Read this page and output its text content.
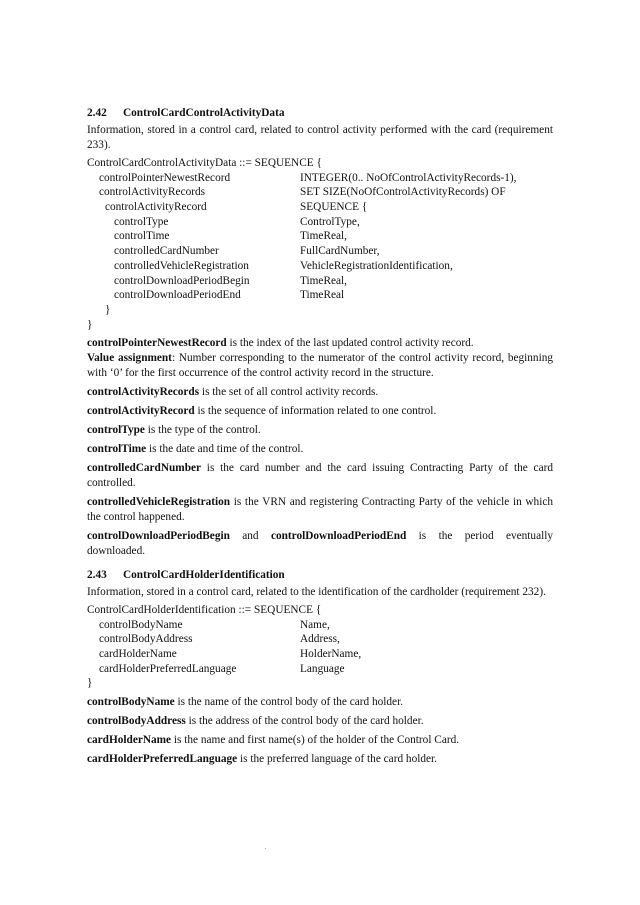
2.42 ControlCardControlActivityData

Information, stored in a control card, related to control activity performed with the card (requirement 233).

ControlCardControlActivityData ::= SEQUENCE {
controlPointerNewestRecord	INTEGER(0.. NoOfControlActivityRecords-1),
controlActivityRecords	SET SIZE(NoOfControlActivityRecords) OF
controlActivityRecord	SEQUENCE {
controlType	ControlType,
controlTime	TimeReal,
controlledCardNumber	FullCardNumber,
controlledVehicleRegistration	VehicleRegistrationIdentification,
controlDownloadPeriodBegin	TimeReal,
controlDownloadPeriodEnd	TimeReal
}
}

controlPointerNewestRecord is the index of the last updated control activity record.

Value assignment: Number corresponding to the numerator of the control activity record, beginning with ‘0’ for the first occurrence of the control activity record in the structure.

controlActivityRecords is the set of all control activity records.

controlActivityRecord is the sequence of information related to one control.

controlType is the type of the control.

controlTime is the date and time of the control.

controlledCardNumber is the card number and the card issuing Contracting Party of the card controlled.

controlledVehicleRegistration is the VRN and registering Contracting Party of the vehicle in which the control happened.

controlDownloadPeriodBegin and controlDownloadPeriodEnd is the period eventually downloaded.

2.43 ControlCardHolderIdentification

Information, stored in a control card, related to the identification of the cardholder (requirement 232).

ControlCardHolderIdentification ::= SEQUENCE {
controlBodyName	Name,
controlBodyAddress	Address,
cardHolderName	HolderName,
cardHolderPreferredLanguage	Language
}

controlBodyName is the name of the control body of the card holder.

controlBodyAddress is the address of the control body of the card holder.

cardHolderName is the name and first name(s) of the holder of the Control Card.

cardHolderPreferredLanguage is the preferred language of the card holder.
